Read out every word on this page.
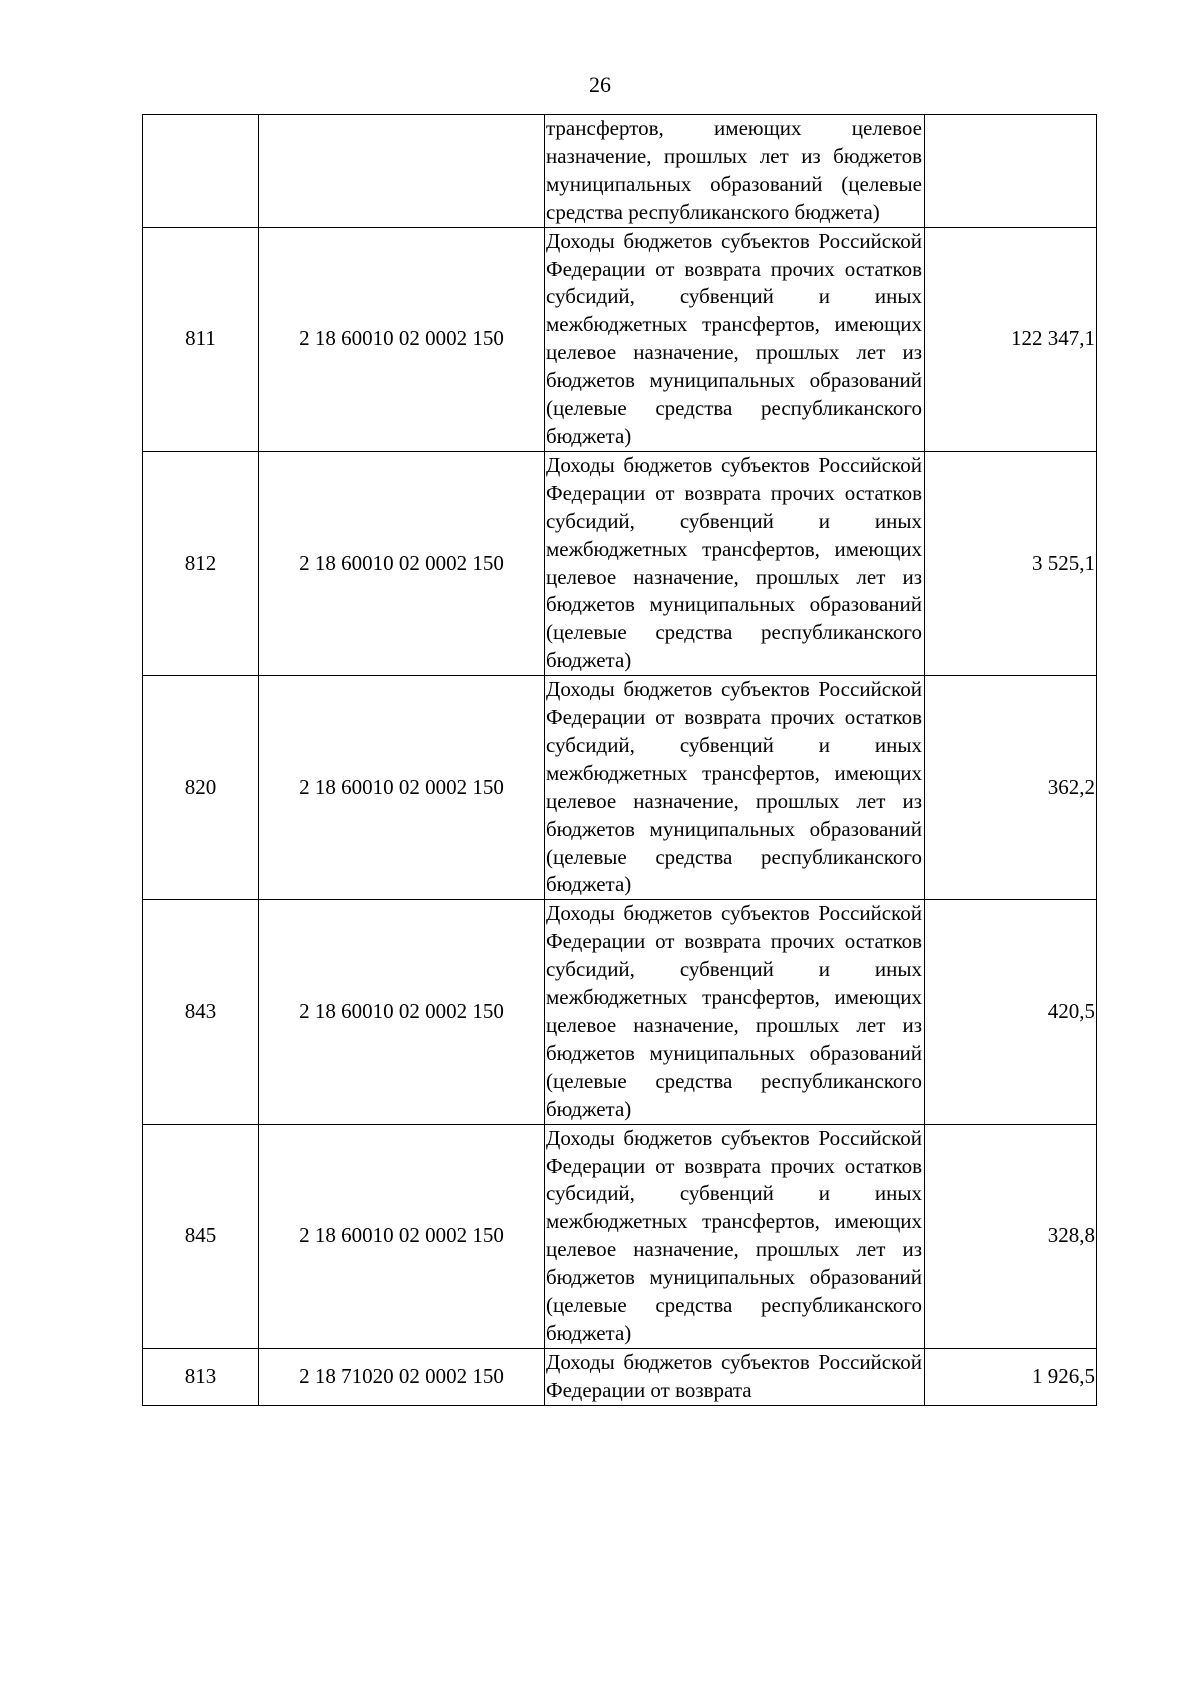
26

		трансфертов, имеющих целевое назначение, прошлых лет из бюджетов муниципальных образований (целевые средства республиканского бюджета)	

811	2 18 60010 02 0002 150	Доходы бюджетов субъектов Российской Федерации от возврата прочих остатков субсидий, субвенций и иных межбюджетных трансфертов, имеющих целевое назначение, прошлых лет из бюджетов муниципальных образований (целевые средства республиканского бюджета)	122 347,1
812	2 18 60010 02 0002 150	Доходы бюджетов субъектов Российской Федерации от возврата прочих остатков субсидий, субвенций и иных межбюджетных трансфертов, имеющих целевое назначение, прошлых лет из бюджетов муниципальных образований (целевые средства республиканского бюджета)	3 525,1
820	2 18 60010 02 0002 150	Доходы бюджетов субъектов Российской Федерации от возврата прочих остатков субсидий, субвенций и иных межбюджетных трансфертов, имеющих целевое назначение, прошлых лет из бюджетов муниципальных образований (целевые средства республиканского бюджета)	362,2
843	2 18 60010 02 0002 150	Доходы бюджетов субъектов Российской Федерации от возврата прочих остатков субсидий, субвенций и иных межбюджетных трансфертов, имеющих целевое назначение, прошлых лет из бюджетов муниципальных образований (целевые средства республиканского бюджета)	420,5
845	2 18 60010 02 0002 150	Доходы бюджетов субъектов Российской Федерации от возврата прочих остатков субсидий, субвенций и иных межбюджетных трансфертов, имеющих целевое назначение, прошлых лет из бюджетов муниципальных образований (целевые средства республиканского бюджета)	328,8
813	2 18 71020 02 0002 150	Доходы бюджетов субъектов Российской Федерации от возврата	1 926,5
